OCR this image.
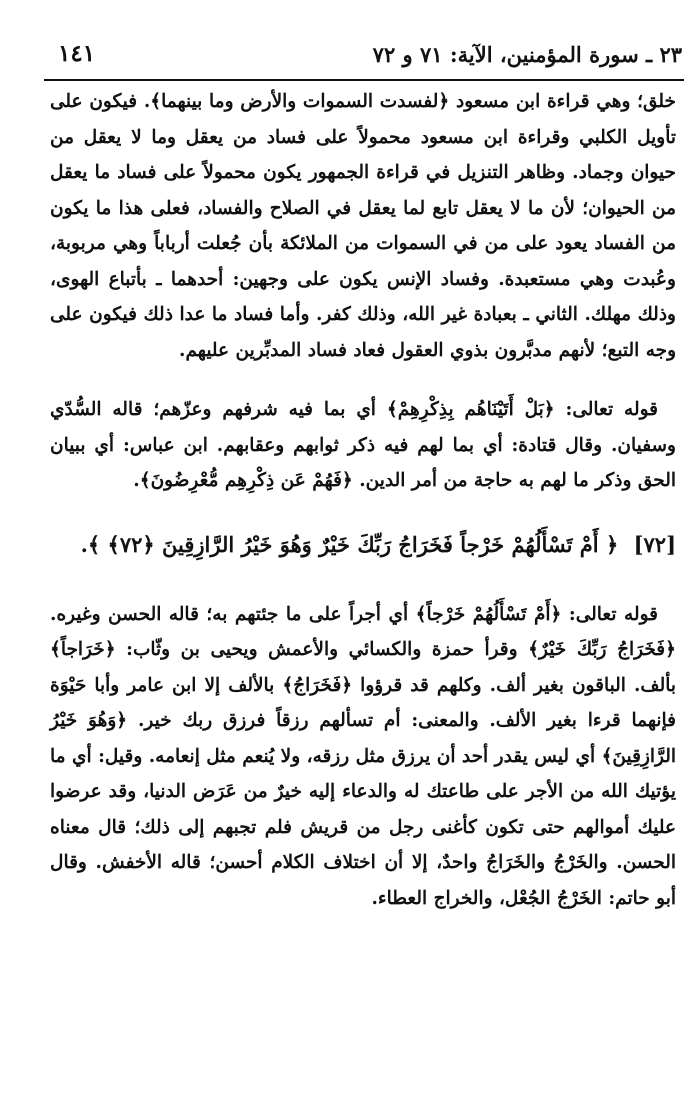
٢٣ ـ سورة المؤمنين، الآية: ٧١ و ٧٢
١٤١

خلق؛ وهي قراءة ابن مسعود ﴿لفسدت السموات والأرض وما بينهما﴾. فيكون على تأويل الكلبي وقراءة ابن مسعود محمولاً على فساد من يعقل وما لا يعقل من حيوان وجماد. وظاهر التنزيل في قراءة الجمهور يكون محمولاً على فساد ما يعقل من الحيوان؛ لأن ما لا يعقل تابع لما يعقل في الصلاح والفساد، فعلى هذا ما يكون من الفساد يعود على من في السموات من الملائكة بأن جُعلت أرباباً وهي مربوبة، وعُبدت وهي مستعبدة. وفساد الإنس يكون على وجهين: أحدهما ـ بأتباع الهوى، وذلك مهلك. الثاني ـ بعبادة غير الله، وذلك كفر. وأما فساد ما عدا ذلك فيكون على وجه التبع؛ لأنهم مدبَّرون بذوي العقول فعاد فساد المدبِّرين عليهم.

قوله تعالى: ﴿بَلْ أَتَيْنَاهُم بِذِكْرِهِمْ﴾ أي بما فيه شرفهم وعزّهم؛ قاله السُّدّي وسفيان. وقال قتادة: أي بما لهم فيه ذكر ثوابهم وعقابهم. ابن عباس: أي ببيان الحق وذكر ما لهم به حاجة من أمر الدين. ﴿فَهُمْ عَن ذِكْرِهِم مُّعْرِضُونَ﴾.

[٧٢] ﴿ أَمْ تَسْأَلُهُمْ خَرْجاً فَخَرَاجُ رَبِّكَ خَيْرٌ وَهُوَ خَيْرُ الرَّازِقِينَ ﴿٧٢﴾ ﴾.

قوله تعالى: ﴿أَمْ تَسْأَلُهُمْ خَرْجاً﴾ أي أجراً على ما جئتهم به؛ قاله الحسن وغيره. ﴿فَخَرَاجُ رَبِّكَ خَيْرٌ﴾ وقرأ حمزة والكسائي والأعمش ويحيى بن وثّاب: ﴿خَرَاجاً﴾ بألف. الباقون بغير ألف. وكلهم قد قرؤوا ﴿فَخَرَاجُ﴾ بالألف إلا ابن عامر وأبا حَيْوَة فإنهما قرءا بغير الألف. والمعنى: أم تسألهم رزقاً فرزق ربك خير. ﴿وَهُوَ خَيْرُ الرَّازِقِينَ﴾ أي ليس يقدر أحد أن يرزق مثل رزقه، ولا يُنعم مثل إنعامه. وقيل: أي ما يؤتيك الله من الأجر على طاعتك له والدعاء إليه خيرٌ من عَرَض الدنيا، وقد عرضوا عليك أموالهم حتى تكون كأغنى رجل من قريش فلم تجبهم إلى ذلك؛ قال معناه الحسن. والخَرْجُ والخَرَاجُ واحدٌ، إلا أن اختلاف الكلام أحسن؛ قاله الأخفش. وقال أبو حاتم: الخَرْجُ الجُعْل، والخراج العطاء.
